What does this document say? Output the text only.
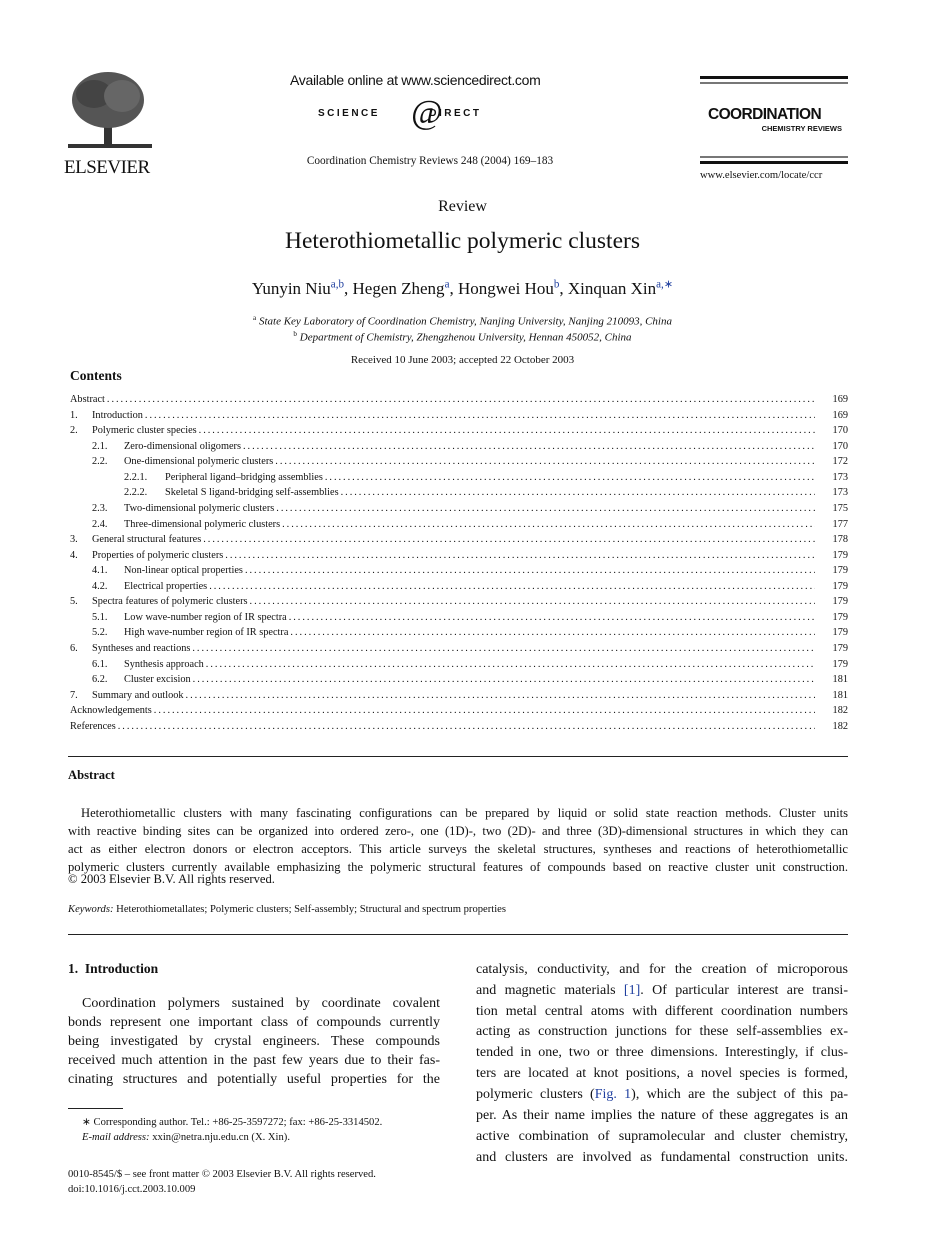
ELSEVIER
Available online at www.sciencedirect.com
SCIENCE DIRECT
@
Coordination Chemistry Reviews 248 (2004) 169–183
COORDINATION
CHEMISTRY REVIEWS
www.elsevier.com/locate/ccr
Review
Heterothiometallic polymeric clusters
Yunyin Niu$^{a,b}$, Hegen Zheng$^a$, Hongwei Hou$^b$, Xinquan Xin$^{a,∗}$
$^a$ State Key Laboratory of Coordination Chemistry, Nanjing University, Nanjing 210093, China
$^b$ Department of Chemistry, Zhengzhenou University, Hennan 450052, China
Received 10 June 2003; accepted 22 October 2003
Contents
Abstract . . .	169
1.	Introduction . . .	169
2.	Polymeric cluster species . . .	170
2.1.	Zero-dimensional oligomers . . .	170
2.2.	One-dimensional polymeric clusters . . .	172
2.2.1.	Peripheral ligand–bridging assemblies . . .	173
2.2.2.	Skeletal S ligand-bridging self-assemblies . . .	173
2.3.	Two-dimensional polymeric clusters . . .	175
2.4.	Three-dimensional polymeric clusters . . .	177
3.	General structural features . . .	178
4.	Properties of polymeric clusters . . .	179
4.1.	Non-linear optical properties . . .	179
4.2.	Electrical properties . . .	179
5.	Spectra features of polymeric clusters . . .	179
5.1.	Low wave-number region of IR spectra . . .	179
5.2.	High wave-number region of IR spectra . . .	179
6.	Syntheses and reactions . . .	179
6.1.	Synthesis approach . . .	179
6.2.	Cluster excision . . .	181
7.	Summary and outlook . . .	181
Acknowledgements . . .	182
References . . .	182
Abstract
Heterothiometallic clusters with many fascinating configurations can be prepared by liquid or solid state reaction methods. Cluster units
with reactive binding sites can be organized into ordered zero-, one (1D)-, two (2D)- and three (3D)-dimensional structures in which they can
act as either electron donors or electron acceptors. This article surveys the skeletal structures, syntheses and reactions of heterothiometallic
polymeric clusters currently available emphasizing the polymeric structural features of compounds based on reactive cluster unit construction.
© 2003 Elsevier B.V. All rights reserved.
Keywords: Heterothiometallates; Polymeric clusters; Self-assembly; Structural and spectrum properties
1.  Introduction
Coordination polymers sustained by coordinate covalent
bonds represent one important class of compounds currently
being investigated by crystal engineers. These compounds
received much attention in the past few years due to their fas-
cinating structures and potentially useful properties for the
catalysis, conductivity, and for the creation of microporous
and magnetic materials [1]. Of particular interest are transi-
tion metal central atoms with different coordination numbers
acting as construction junctions for these self-assemblies ex-
tended in one, two or three dimensions. Interestingly, if clus-
ters are located at knot positions, a novel species is formed,
polymeric clusters (Fig. 1), which are the subject of this pa-
per. As their name implies the nature of these aggregates is an
active combination of supramolecular and cluster chemistry,
and clusters are involved as fundamental construction units.
∗ Corresponding author. Tel.: +86-25-3597272; fax: +86-25-3314502.
E-mail address: xxin@netra.nju.edu.cn (X. Xin).
0010-8545/$ – see front matter © 2003 Elsevier B.V. All rights reserved.
doi:10.1016/j.cct.2003.10.009
